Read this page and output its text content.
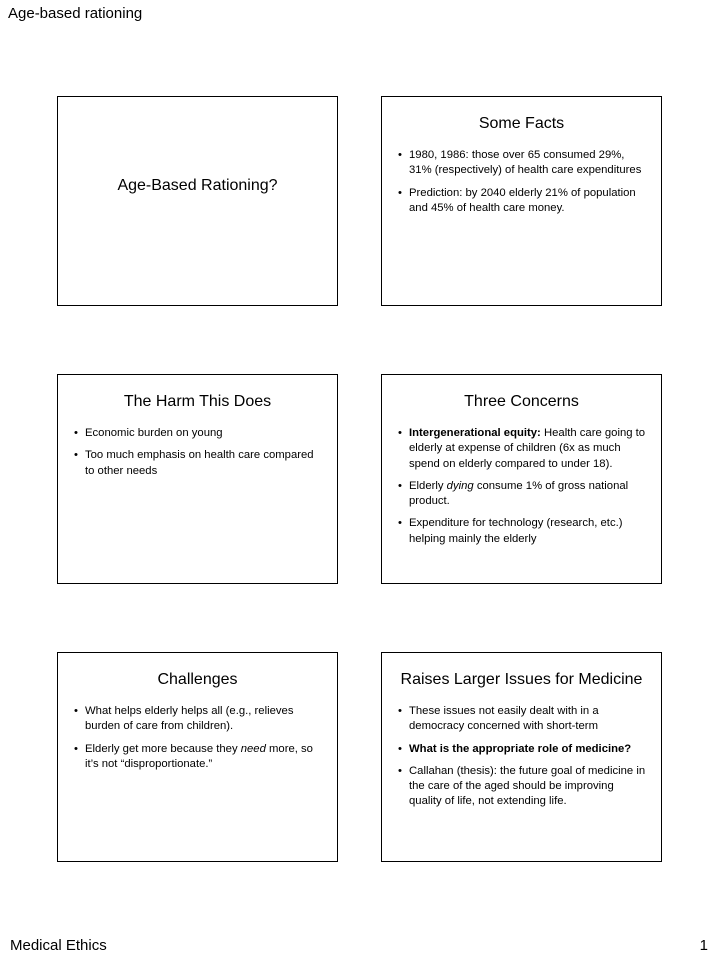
Age-based rationing
Age-Based Rationing?
Some Facts
• 1980, 1986: those over 65 consumed 29%, 31% (respectively) of health care expenditures
• Prediction: by 2040 elderly 21% of population and 45% of health care money.
The Harm This Does
• Economic burden on young
• Too much emphasis on health care compared to other needs
Three Concerns
• Intergenerational equity: Health care going to elderly at expense of children (6x as much spend on elderly compared to under 18).
• Elderly dying consume 1% of gross national product.
• Expenditure for technology (research, etc.) helping mainly the elderly
Challenges
• What helps elderly helps all (e.g., relieves burden of care from children).
• Elderly get more because they need more, so it’s not “disproportionate.”
Raises Larger Issues for Medicine
• These issues not easily dealt with in a democracy concerned with short-term
• What is the appropriate role of medicine?
• Callahan (thesis): the future goal of medicine in the care of the aged should be improving quality of life, not extending life.
Medical Ethics	1
